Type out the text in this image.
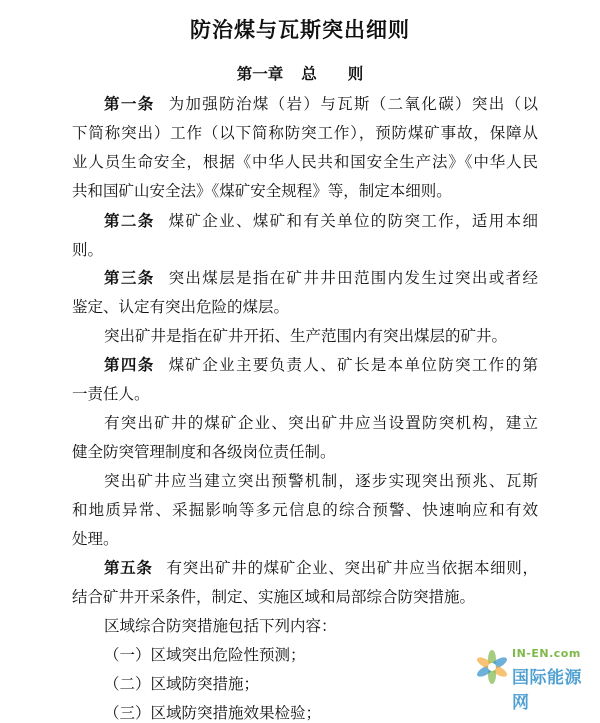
防治煤与瓦斯突出细则
第一章 总　　则
第一条 为加强防治煤（岩）与瓦斯（二氧化碳）突出（以
下简称突出）工作（以下简称防突工作），预防煤矿事故，保障从
业人员生命安全，根据《中华人民共和国安全生产法》《中华人民
共和国矿山安全法》《煤矿安全规程》等，制定本细则。
第二条 煤矿企业、煤矿和有关单位的防突工作，适用本细
则。
第三条 突出煤层是指在矿井井田范围内发生过突出或者经
鉴定、认定有突出危险的煤层。
突出矿井是指在矿井开拓、生产范围内有突出煤层的矿井。
第四条 煤矿企业主要负责人、矿长是本单位防突工作的第
一责任人。
有突出矿井的煤矿企业、突出矿井应当设置防突机构，建立
健全防突管理制度和各级岗位责任制。
突出矿井应当建立突出预警机制，逐步实现突出预兆、瓦斯
和地质异常、采掘影响等多元信息的综合预警、快速响应和有效
处理。
第五条 有突出矿井的煤矿企业、突出矿井应当依据本细则，
结合矿井开采条件，制定、实施区域和局部综合防突措施。
区域综合防突措施包括下列内容：
（一）区域突出危险性预测；
（二）区域防突措施；
（三）区域防突措施效果检验；
IN-EN.com
国际能源网
